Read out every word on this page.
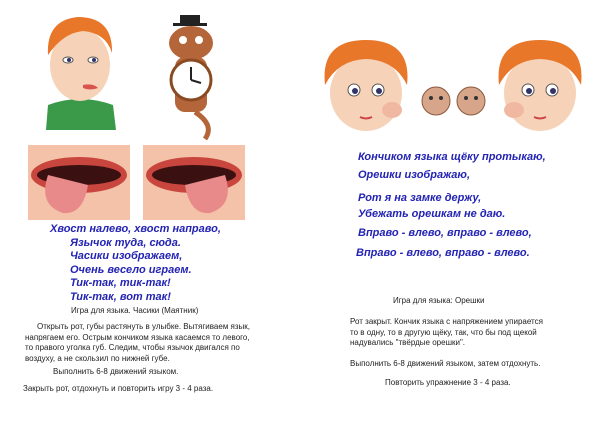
Хвост налево, хвост направо,
Язычок туда, сюда.
Часики изображаем,
Очень весело играем.
Тик-так, тик-так!
Тик-так, вот так!
Игра для языка. Часики (Маятник)
Открыть рот, губы растянуть в улыбке. Вытягиваем язык,
напрягаем его. Острым кончиком языка касаемся то левого,
то правого уголка губ. Следим, чтобы язычок двигался по
воздуху, а не скользил по нижней губе.
Выполнить 6-8 движений языком.
Закрыть рот, отдохнуть и повторить игру 3 - 4 раза.
Кончиком языка щёку протыкаю,
Орешки изображаю,
Рот я на замке держу,
Убежать орешкам не даю.
Вправо - влево, вправо - влево,
Вправо - влево, вправо - влево.
Игра для языка: Орешки
Рот закрыт. Кончик языка с напряжением упирается
то в одну, то в другую щёку, так, что бы под щекой
надувались "твёрдые орешки".
Выполнить 6-8 движений языком, затем отдохнуть.
Повторить упражнение 3 - 4 раза.
